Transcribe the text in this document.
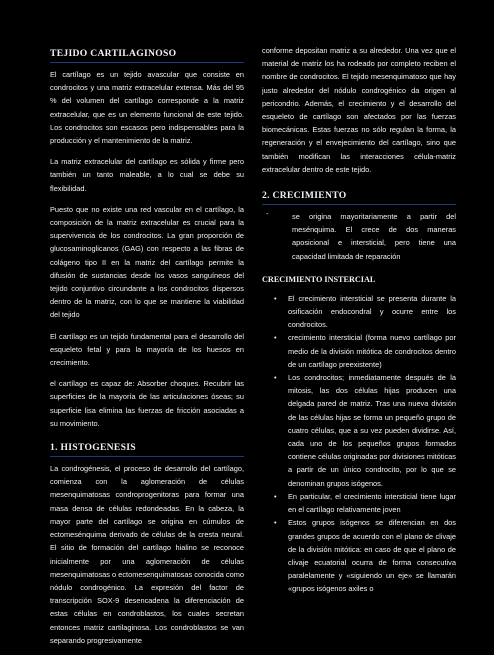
TEJIDO CARTILAGINOSO

El cartílago es un tejido avascular que consiste en condrocitos y una matriz extracelular extensa. Más del 95 % del volumen del cartílago corresponde a la matriz extracelular, que es un elemento funcional de este tejido. Los condrocitos son escasos pero indispensables para la producción y el mantenimiento de la matriz.

La matriz extracelular del cartílago es sólida y firme pero también un tanto maleable, a lo cual se debe su flexibilidad.

Puesto que no existe una red vascular en el cartílago, la composición de la matriz extracelular es crucial para la supervivencia de los condrocitos. La gran proporción de glucosaminoglicanos (GAG) con respecto a las fibras de colágeno tipo II en la matriz del cartílago permite la difusión de sustancias desde los vasos sanguíneos del tejido conjuntivo circundante a los condrocitos dispersos dentro de la matriz, con lo que se mantiene la viabilidad del tejido

El cartílago es un tejido fundamental para el desarrollo del esqueleto fetal y para la mayoría de los huesos en crecimiento.

el cartílago es capaz de: Absorber choques. Recubrir las superficies de la mayoría de las articulaciones óseas; su superficie lisa elimina las fuerzas de fricción asociadas a su movimiento.

1. HISTOGENESIS

La condrogénesis, el proceso de desarrollo del cartílago, comienza con la aglomeración de células mesenquimatosas condroprogenitoras para formar una masa densa de células redondeadas. En la cabeza, la mayor parte del cartílago se origina en cúmulos de ectomesénquima derivado de células de la cresta neural. El sitio de formación del cartílago hialino se reconoce inicialmente por una aglomeración de células mesenquimatosas o ectomesenquimatosas conocida como nódulo condrogénico. La expresión del factor de transcripción SOX-9 desencadena la diferenciación de estas células en condroblastos, los cuales secretan entonces matriz cartilaginosa. Los condroblastos se van separando progresivamente

conforme depositan matriz a su alrededor. Una vez que el material de matriz los ha rodeado por completo reciben el nombre de condrocitos. El tejido mesenquimatoso que hay justo alrededor del nódulo condrogénico da origen al pericondrio. Además, el crecimiento y el desarrollo del esqueleto de cartílago son afectados por las fuerzas biomecánicas. Estas fuerzas no sólo regulan la forma, la regeneración y el envejecimiento del cartílago, sino que también modifican las interacciones célula-matriz extracelular dentro de este tejido.

2. CRECIMIENTO
-	se origina mayoritariamente a partir del mesénquima. El crece de dos maneras aposicional e intersticial, pero tiene una capacidad limitada de reparación
CRECIMIENTO INSTERCIAL
• El crecimiento intersticial se presenta durante la osificación endocondral y ocurre entre los condrocitos.
• crecimiento intersticial (forma nuevo cartílago por medio de la división mitótica de condrocitos dentro de un cartílago preexistente)
• Los condrocitos; inmediatamente después de la mitosis, las dos células hijas producen una delgada pared de matriz. Tras una nueva división de las células hijas se forma un pequeño grupo de cuatro células, que a su vez pueden dividirse. Así, cada uno de los pequeños grupos formados contiene células originadas por divisiones mitóticas a partir de un único condrocito, por lo que se denominan grupos isógenos.
• En particular, el crecimiento intersticial tiene lugar en el cartílago relativamente joven
• Estos grupos isógenos se diferencian en dos grandes grupos de acuerdo con el plano de clivaje de la división mitótica: en caso de que el plano de clivaje ecuatorial ocurra de forma consecutiva paralelamente y «siguiendo un eje» se llamarán «grupos isógenos axiles o
